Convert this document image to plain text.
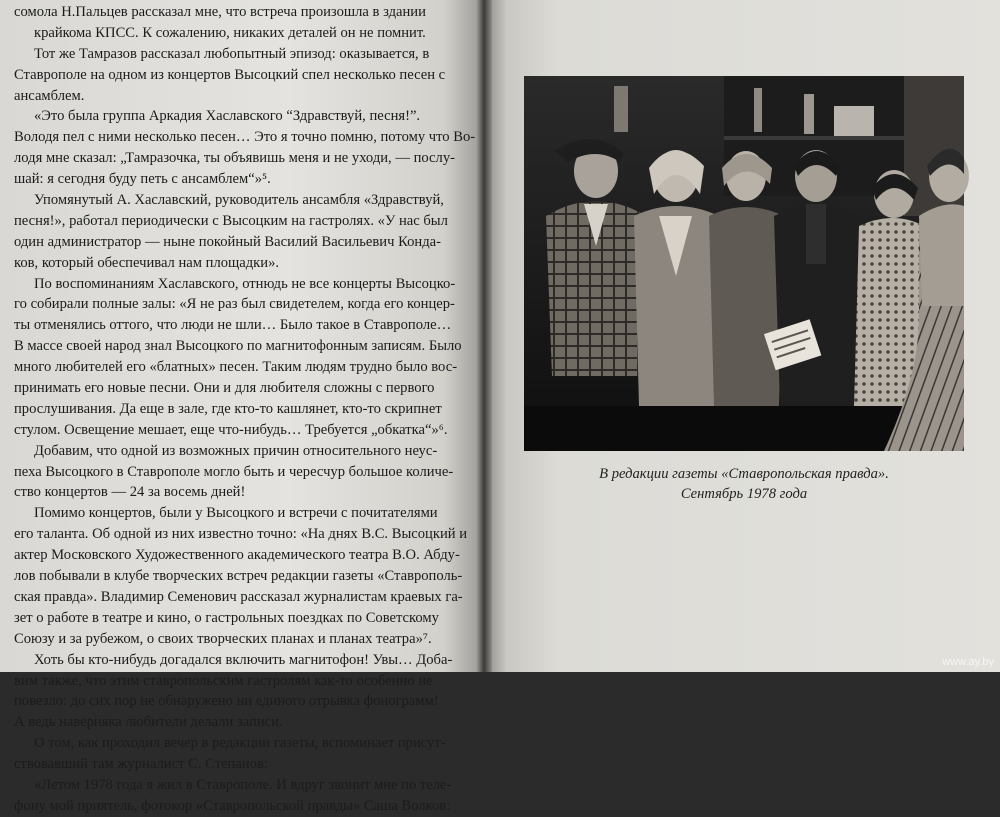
сомола Н.Пальцев рассказал мне, что встреча произошла в здании
крайкома КПСС. К сожалению, никаких деталей он не помнит.
Тот же Тамразов рассказал любопытный эпизод: оказывается, в
Ставрополе на одном из концертов Высоцкий спел несколько песен с
ансамблем.
«Это была группа Аркадия Хаславского “Здравствуй, песня!”.
Володя пел с ними несколько песен… Это я точно помню, потому что Во-
лодя мне сказал: „Тамразочка, ты объявишь меня и не уходи, — послу-
шай: я сегодня буду петь с ансамблем“»⁵.
Упомянутый А. Хаславский, руководитель ансамбля «Здравствуй,
песня!», работал периодически с Высоцким на гастролях. «У нас был
один администратор — ныне покойный Василий Васильевич Конда-
ков, который обеспечивал нам площадки».
По воспоминаниям Хаславского, отнюдь не все концерты Высоцко-
го собирали полные залы: «Я не раз был свидетелем, когда его концер-
ты отменялись оттого, что люди не шли… Было такое в Ставрополе…
В массе своей народ знал Высоцкого по магнитофонным записям. Было
много любителей его «блатных» песен. Таким людям трудно было вос-
принимать его новые песни. Они и для любителя сложны с первого
прослушивания. Да еще в зале, где кто-то кашлянет, кто-то скрипнет
стулом. Освещение мешает, еще что-нибудь… Требуется „обкатка“»⁶.
Добавим, что одной из возможных причин относительного неус-
пеха Высоцкого в Ставрополе могло быть и чересчур большое количе-
ство концертов — 24 за восемь дней!
Помимо концертов, были у Высоцкого и встречи с почитателями
его таланта. Об одной из них известно точно: «На днях В.С. Высоцкий и
актер Московского Художественного академического театра В.О. Абду-
лов побывали в клубе творческих встреч редакции газеты «Ставрополь-
ская правда». Владимир Семенович рассказал журналистам краевых га-
зет о работе в театре и кино, о гастрольных поездках по Советскому
Союзу и за рубежом, о своих творческих планах и планах театра»⁷.
Хоть бы кто-нибудь догадался включить магнитофон! Увы… Доба-
вим также, что этим ставропольским гастролям как-то особенно не
повезло: до сих пор не обнаружено ни единого отрывка фонограмм!
А ведь наверняка любители делали записи.
О том, как проходил вечер в редакции газеты, вспоминает присут-
ствовавший там журналист С. Степанов:
«Летом 1978 года я жил в Ставрополе. И вдруг звонит мне по теле-
фону мой приятель, фотокор «Ставропольской правды» Саша Волков:
В редакции газеты «Ставропольская правда».
Сентябрь 1978 года
www.ay.by
